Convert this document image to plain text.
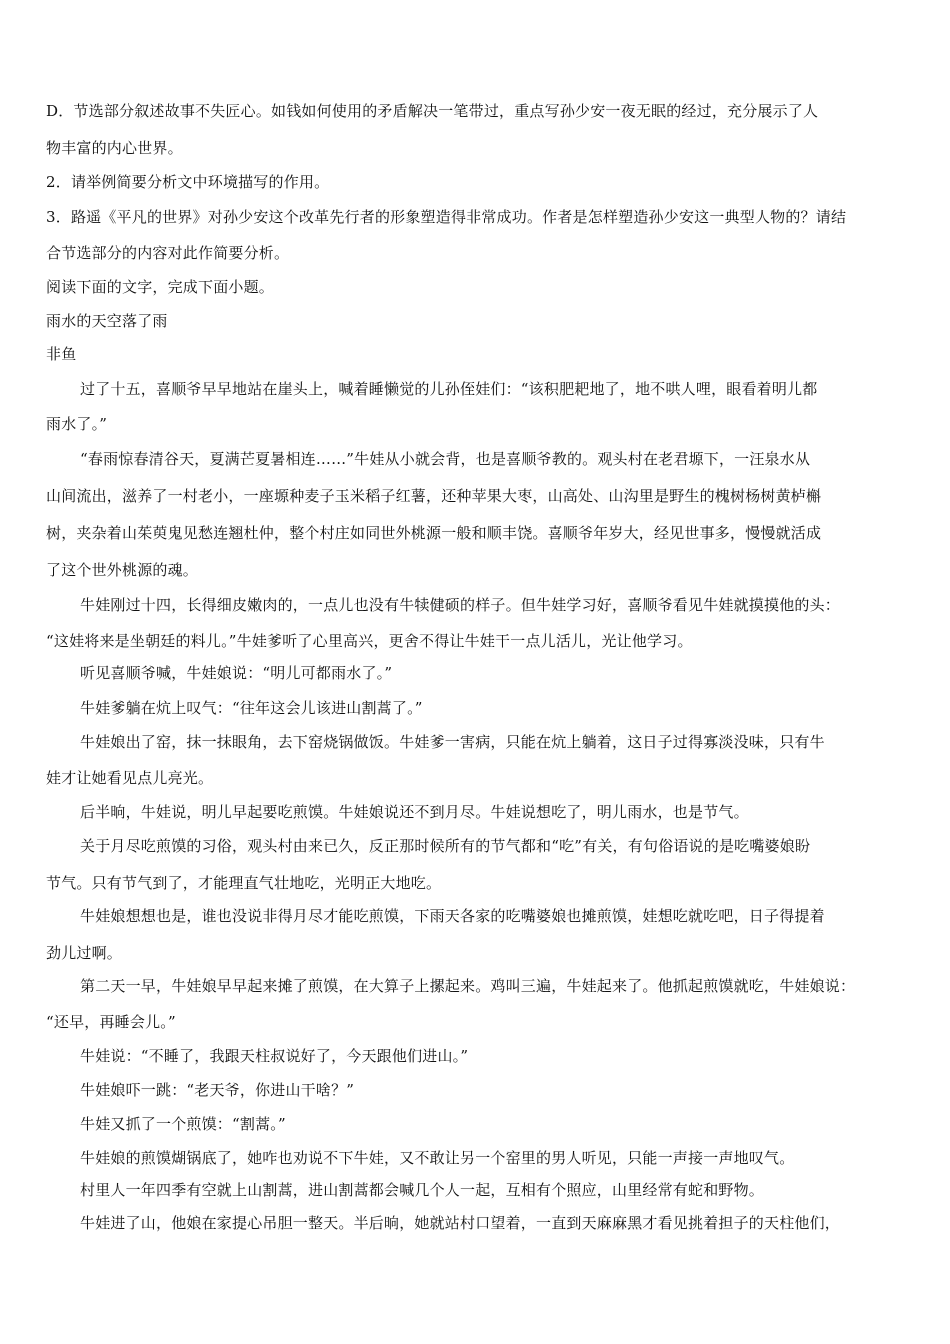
D．节选部分叙述故事不失匠心。如钱如何使用的矛盾解决一笔带过，重点写孙少安一夜无眠的经过，充分展示了人
物丰富的内心世界。
2．请举例简要分析文中环境描写的作用。
3．路遥《平凡的世界》对孙少安这个改革先行者的形象塑造得非常成功。作者是怎样塑造孙少安这一典型人物的？请结
合节选部分的内容对此作简要分析。
阅读下面的文字，完成下面小题。
雨水的天空落了雨
非鱼
过了十五，喜顺爷早早地站在崖头上，喊着睡懒觉的儿孙侄娃们：“该积肥耙地了，地不哄人哩，眼看着明儿都
雨水了。”
“春雨惊春清谷天，夏满芒夏暑相连……”牛娃从小就会背，也是喜顺爷教的。观头村在老君塬下，一汪泉水从
山间流出，滋养了一村老小，一座塬种麦子玉米稻子红薯，还种苹果大枣，山高处、山沟里是野生的槐树杨树黄栌槲
树，夹杂着山茱萸鬼见愁连翘杜仲，整个村庄如同世外桃源一般和顺丰饶。喜顺爷年岁大，经见世事多，慢慢就活成
了这个世外桃源的魂。
牛娃刚过十四，长得细皮嫩肉的，一点儿也没有牛犊健硕的样子。但牛娃学习好，喜顺爷看见牛娃就摸摸他的头：
“这娃将来是坐朝廷的料儿。”牛娃爹听了心里高兴，更舍不得让牛娃干一点儿活儿，光让他学习。
听见喜顺爷喊，牛娃娘说：“明儿可都雨水了。”
牛娃爹躺在炕上叹气：“往年这会儿该进山割蒿了。”
牛娃娘出了窑，抹一抹眼角，去下窑烧锅做饭。牛娃爹一害病，只能在炕上躺着，这日子过得寡淡没味，只有牛
娃才让她看见点儿亮光。
后半晌，牛娃说，明儿早起要吃煎馍。牛娃娘说还不到月尽。牛娃说想吃了，明儿雨水，也是节气。
关于月尽吃煎馍的习俗，观头村由来已久，反正那时候所有的节气都和“吃”有关，有句俗语说的是吃嘴婆娘盼
节气。只有节气到了，才能理直气壮地吃，光明正大地吃。
牛娃娘想想也是，谁也没说非得月尽才能吃煎馍，下雨天各家的吃嘴婆娘也摊煎馍，娃想吃就吃吧，日子得提着
劲儿过啊。
第二天一早，牛娃娘早早起来摊了煎馍，在大算子上摞起来。鸡叫三遍，牛娃起来了。他抓起煎馍就吃，牛娃娘说：
“还早，再睡会儿。”
牛娃说：“不睡了，我跟天柱叔说好了，今天跟他们进山。”
牛娃娘吓一跳：“老天爷，你进山干啥？”
牛娃又抓了一个煎馍：“割蒿。”
牛娃娘的煎馍煳锅底了，她咋也劝说不下牛娃，又不敢让另一个窑里的男人听见，只能一声接一声地叹气。
村里人一年四季有空就上山割蒿，进山割蒿都会喊几个人一起，互相有个照应，山里经常有蛇和野物。
牛娃进了山，他娘在家提心吊胆一整天。半后晌，她就站村口望着，一直到天麻麻黑才看见挑着担子的天柱他们，
